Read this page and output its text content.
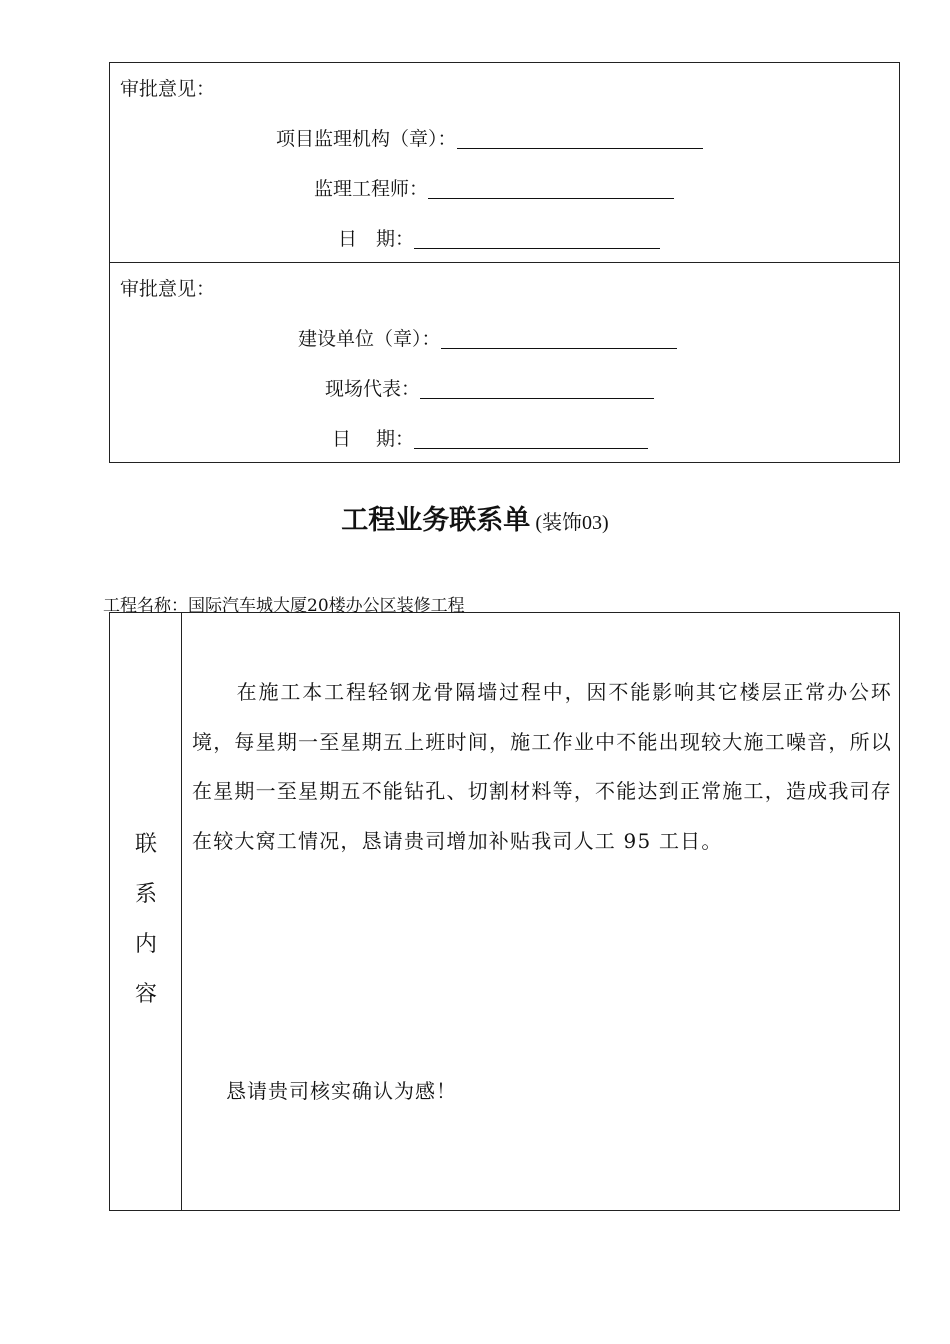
审批意见：
项目监理机构（章）：
监理工程师：
日　期：
审批意见：
建设单位（章）：
现场代表：
日　 期：
工程业务联系单 (装饰03)
工程名称：国际汽车城大厦20楼办公区装修工程
联
系
内
容
在施工本工程轻钢龙骨隔墙过程中，因不能影响其它楼层正常办公环境，每星期一至星期五上班时间，施工作业中不能出现较大施工噪音，所以在星期一至星期五不能钻孔、切割材料等，不能达到正常施工，造成我司存在较大窝工情况，恳请贵司增加补贴我司人工 95 工日。
恳请贵司核实确认为感！
